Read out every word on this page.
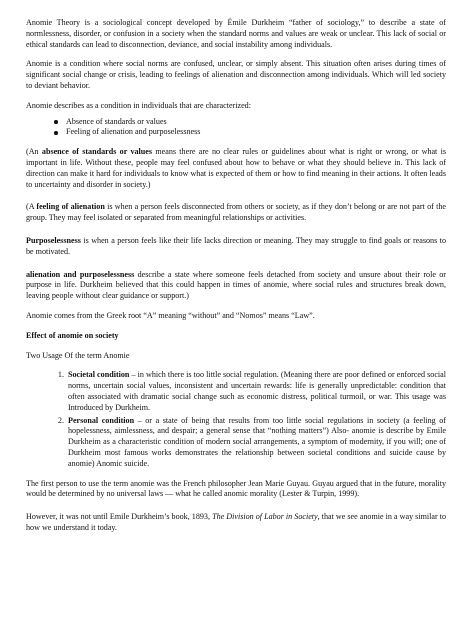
Anomie Theory is a sociological concept developed by Émile Durkheim “father of sociology,” to describe a state of normlessness, disorder, or confusion in a society when the standard norms and values are weak or unclear. This lack of social or ethical standards can lead to disconnection, deviance, and social instability among individuals.

Anomie is a condition where social norms are confused, unclear, or simply absent. This situation often arises during times of significant social change or crisis, leading to feelings of alienation and disconnection among individuals. Which will led society to deviant behavior.

Anomie describes as a condition in individuals that are characterized:

Absence of standards or values
Feeling of alienation and purposelessness

(An absence of standards or values means there are no clear rules or guidelines about what is right or wrong, or what is important in life. Without these, people may feel confused about how to behave or what they should believe in. This lack of direction can make it hard for individuals to know what is expected of them or how to find meaning in their actions. It often leads to uncertainty and disorder in society.)

(A feeling of alienation is when a person feels disconnected from others or society, as if they don’t belong or are not part of the group. They may feel isolated or separated from meaningful relationships or activities.

Purposelessness is when a person feels like their life lacks direction or meaning. They may struggle to find goals or reasons to be motivated.

alienation and purposelessness describe a state where someone feels detached from society and unsure about their role or purpose in life. Durkheim believed that this could happen in times of anomie, where social rules and structures break down, leaving people without clear guidance or support.)

Anomie comes from the Greek root “A” meaning “without” and “Nomos” means “Law”.

Effect of anomie on society

Two Usage Of the term Anomie

1. Societal condition – in which there is too little social regulation. (Meaning there are poor defined or enforced social norms, uncertain social values, inconsistent and uncertain rewards: life is generally unpredictable: condition that often associated with dramatic social change such as economic distress, political turmoil, or war. This usage was Introduced by Durkheim.
2. Personal condition – or a state of being that results from too little social regulations in society (a feeling of hopelessness, aimlessness, and despair; a general sense that “nothing matters”) Also- anomie is describe by Emile Durkheim as a characteristic condition of modern social arrangements, a symptom of modernity, if you will; one of Durkheim most famous works demonstrates the relationship between societal conditions and suicide cause by anomie) Anomic suicide.

The first person to use the term anomie was the French philosopher Jean Marie Guyau. Guyau argued that in the future, morality would be determined by no universal laws — what he called anomic morality (Lester & Turpin, 1999).

However, it was not until Emile Durkheim’s book, 1893, The Division of Labor in Society, that we see anomie in a way similar to how we understand it today.
